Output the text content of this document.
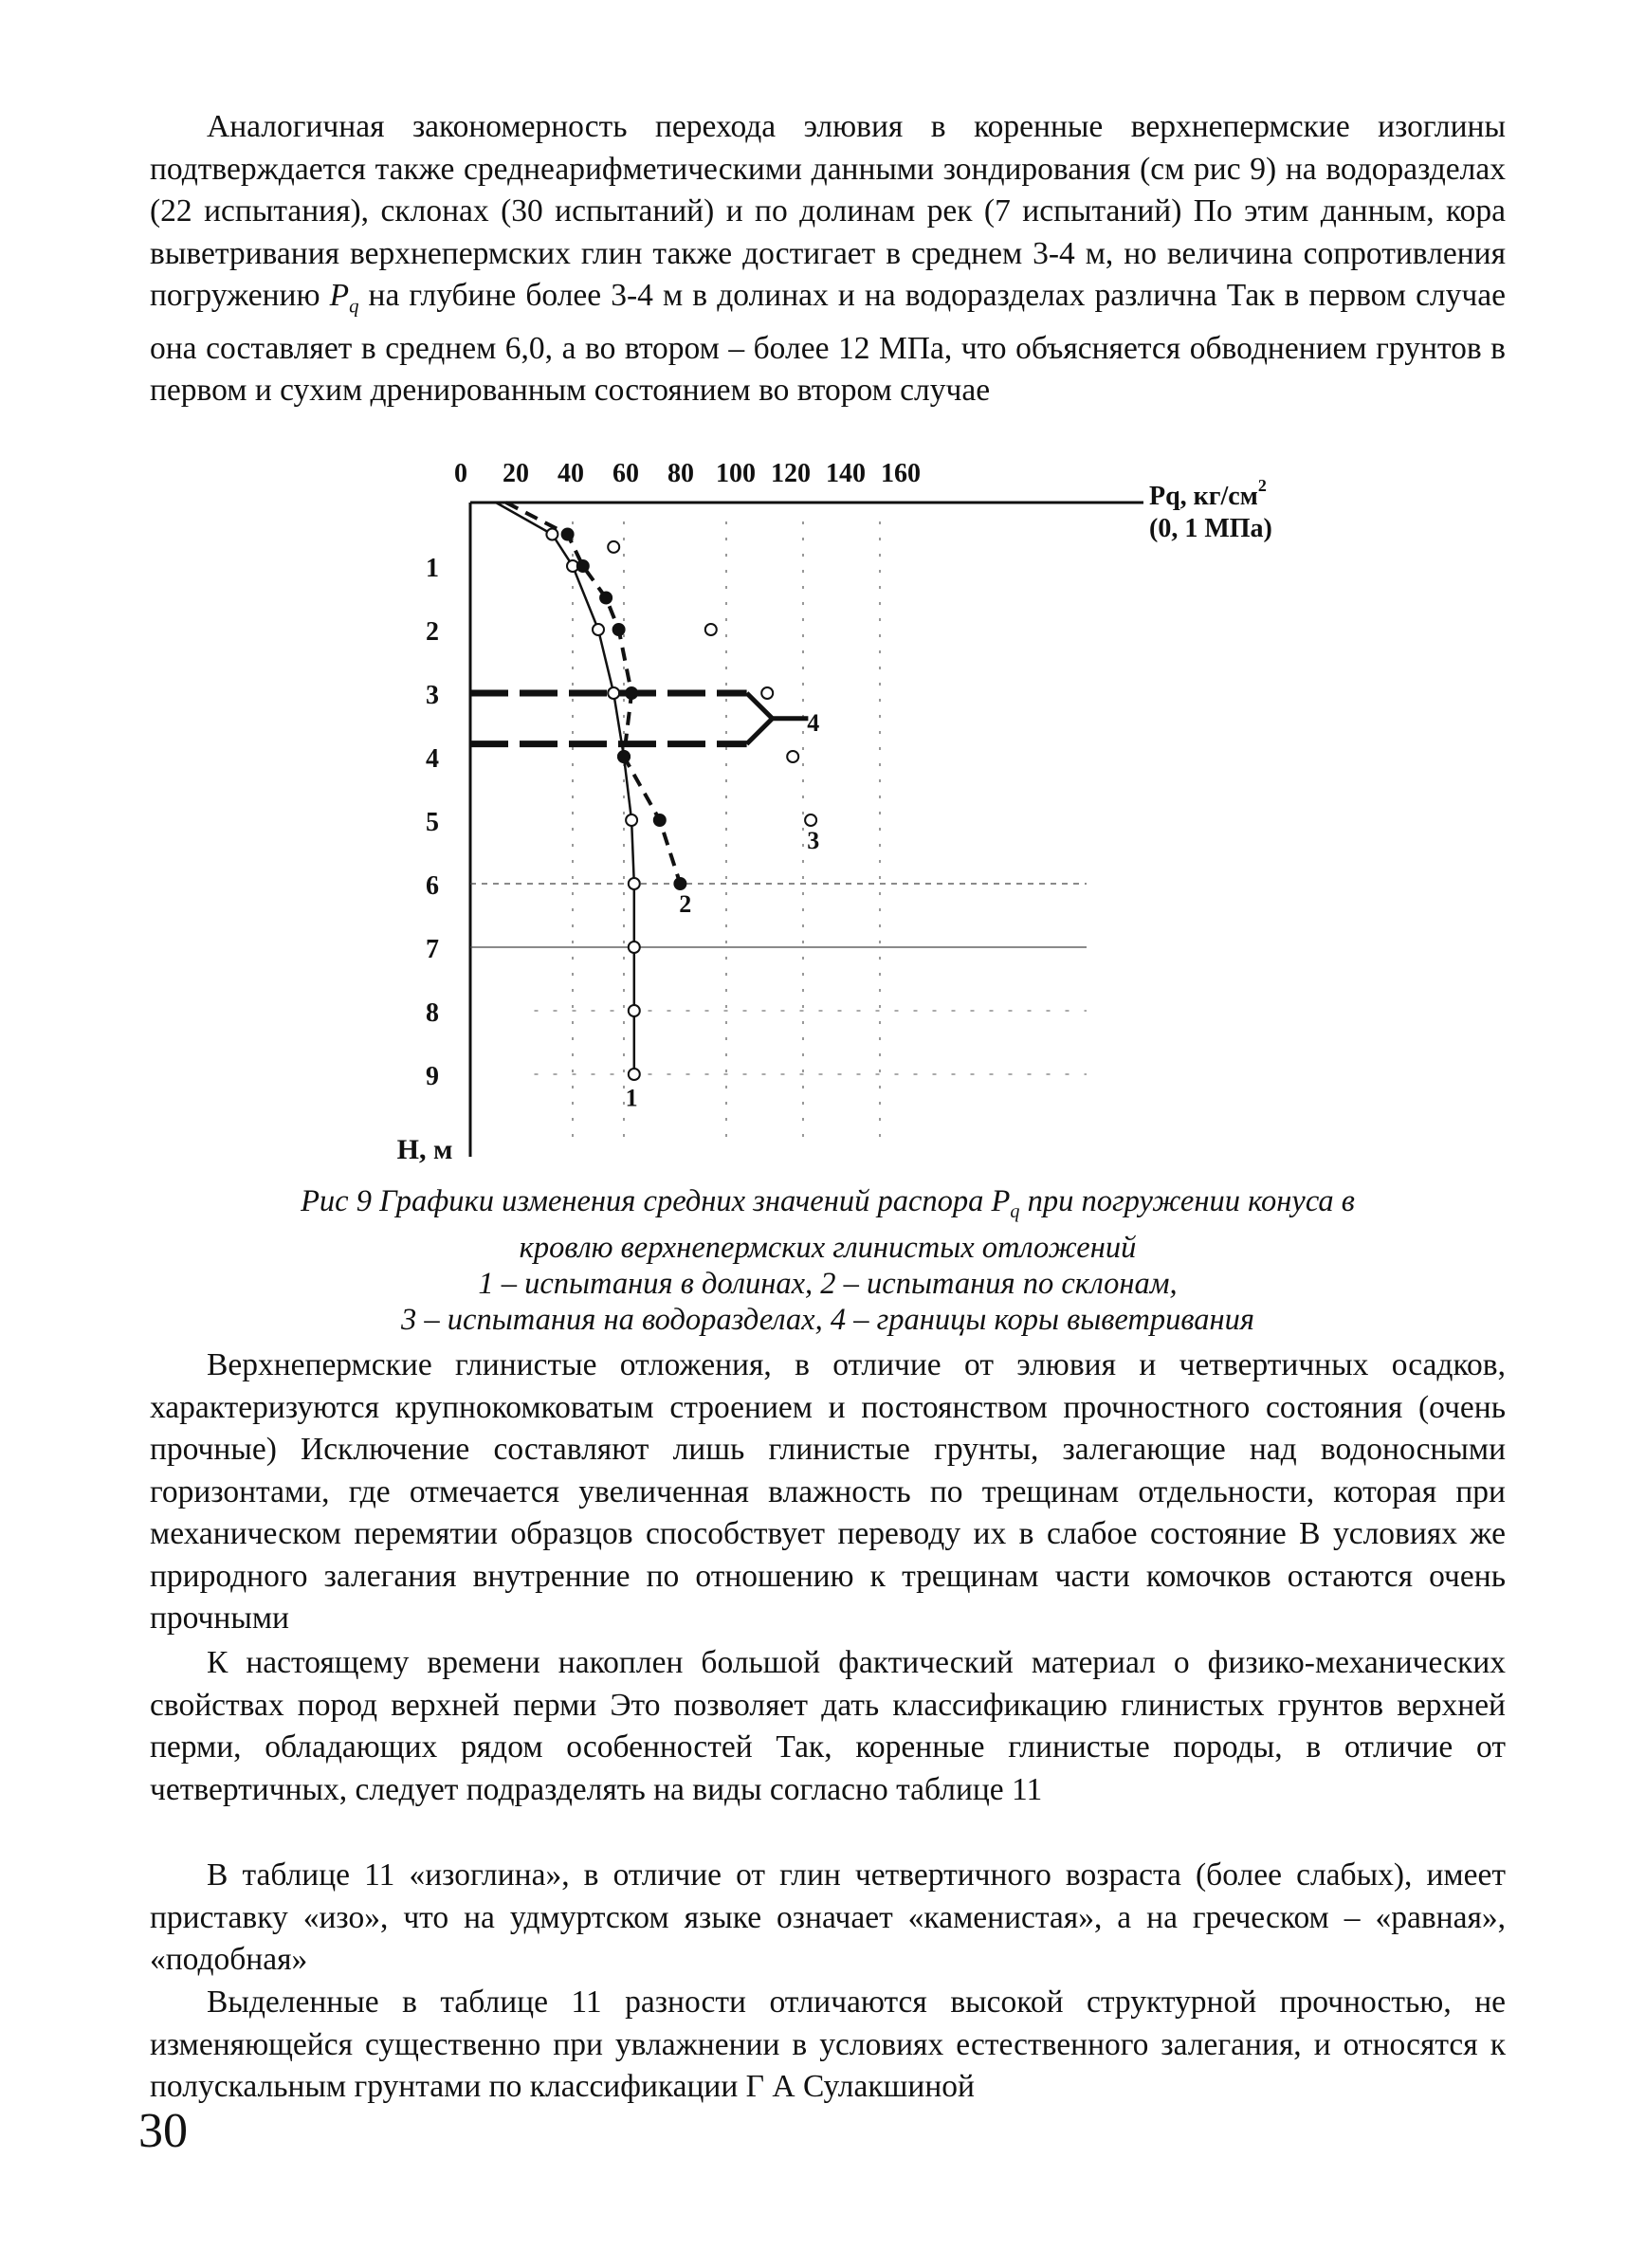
Аналогичная закономерность перехода элювия в коренные верхнепермские изоглины подтверждается также среднеарифметическими данными зондирования (см рис 9) на водоразделах (22 испытания), склонах (30 испытаний) и по долинам рек (7 испытаний) По этим данным, кора выветривания верхнепермских глин также достигает в среднем 3-4 м, но величина сопротивления погружению $P_q$ на глубине более 3-4 м в долинах и на водоразделах различна Так в первом случае она составляет в среднем 6,0, а во втором – более 12 МПа, что объясняется обводнением грунтов в первом и сухим дренированным состоянием во втором случае

0 20 40 60 80 100 120 140 160
1
2
3
4
5
6
7
8
9
Pq, $кг/см^2$
(0, 1 МПа)
Н, м
1
2
3
4
Рис 9 Графики изменения средних значений распора $P_q$ при погружении конуса в
кровлю верхнепермских глинистых отложений
1 – испытания в долинах, 2 – испытания по склонам,
3 – испытания на водоразделах, 4 – границы коры выветривания

Верхнепермские глинистые отложения, в отличие от элювия и четвертичных осадков, характеризуются крупнокомковатым строением и постоянством прочностного состояния (очень прочные) Исключение составляют лишь глинистые грунты, залегающие над водоносными горизонтами, где отмечается увеличенная влажность по трещинам отдельности, которая при механическом перемятии образцов способствует переводу их в слабое состояние В условиях же природного залегания внутренние по отношению к трещинам части комочков остаются очень прочными

К настоящему времени накоплен большой фактический материал о физико-механических свойствах пород верхней перми Это позволяет дать классификацию глинистых грунтов верхней перми, обладающих рядом особенностей Так, коренные глинистые породы, в отличие от четвертичных, следует подразделять на виды согласно таблице 11

В таблице 11 «изоглина», в отличие от глин четвертичного возраста (более слабых), имеет приставку «изо», что на удмуртском языке означает «каменистая», а на греческом – «равная», «подобная»

Выделенные в таблице 11 разности отличаются высокой структурной прочностью, не изменяющейся существенно при увлажнении в условиях естественного залегания, и относятся к полускальным грунтами по классификации Г А Сулакшиной

30
